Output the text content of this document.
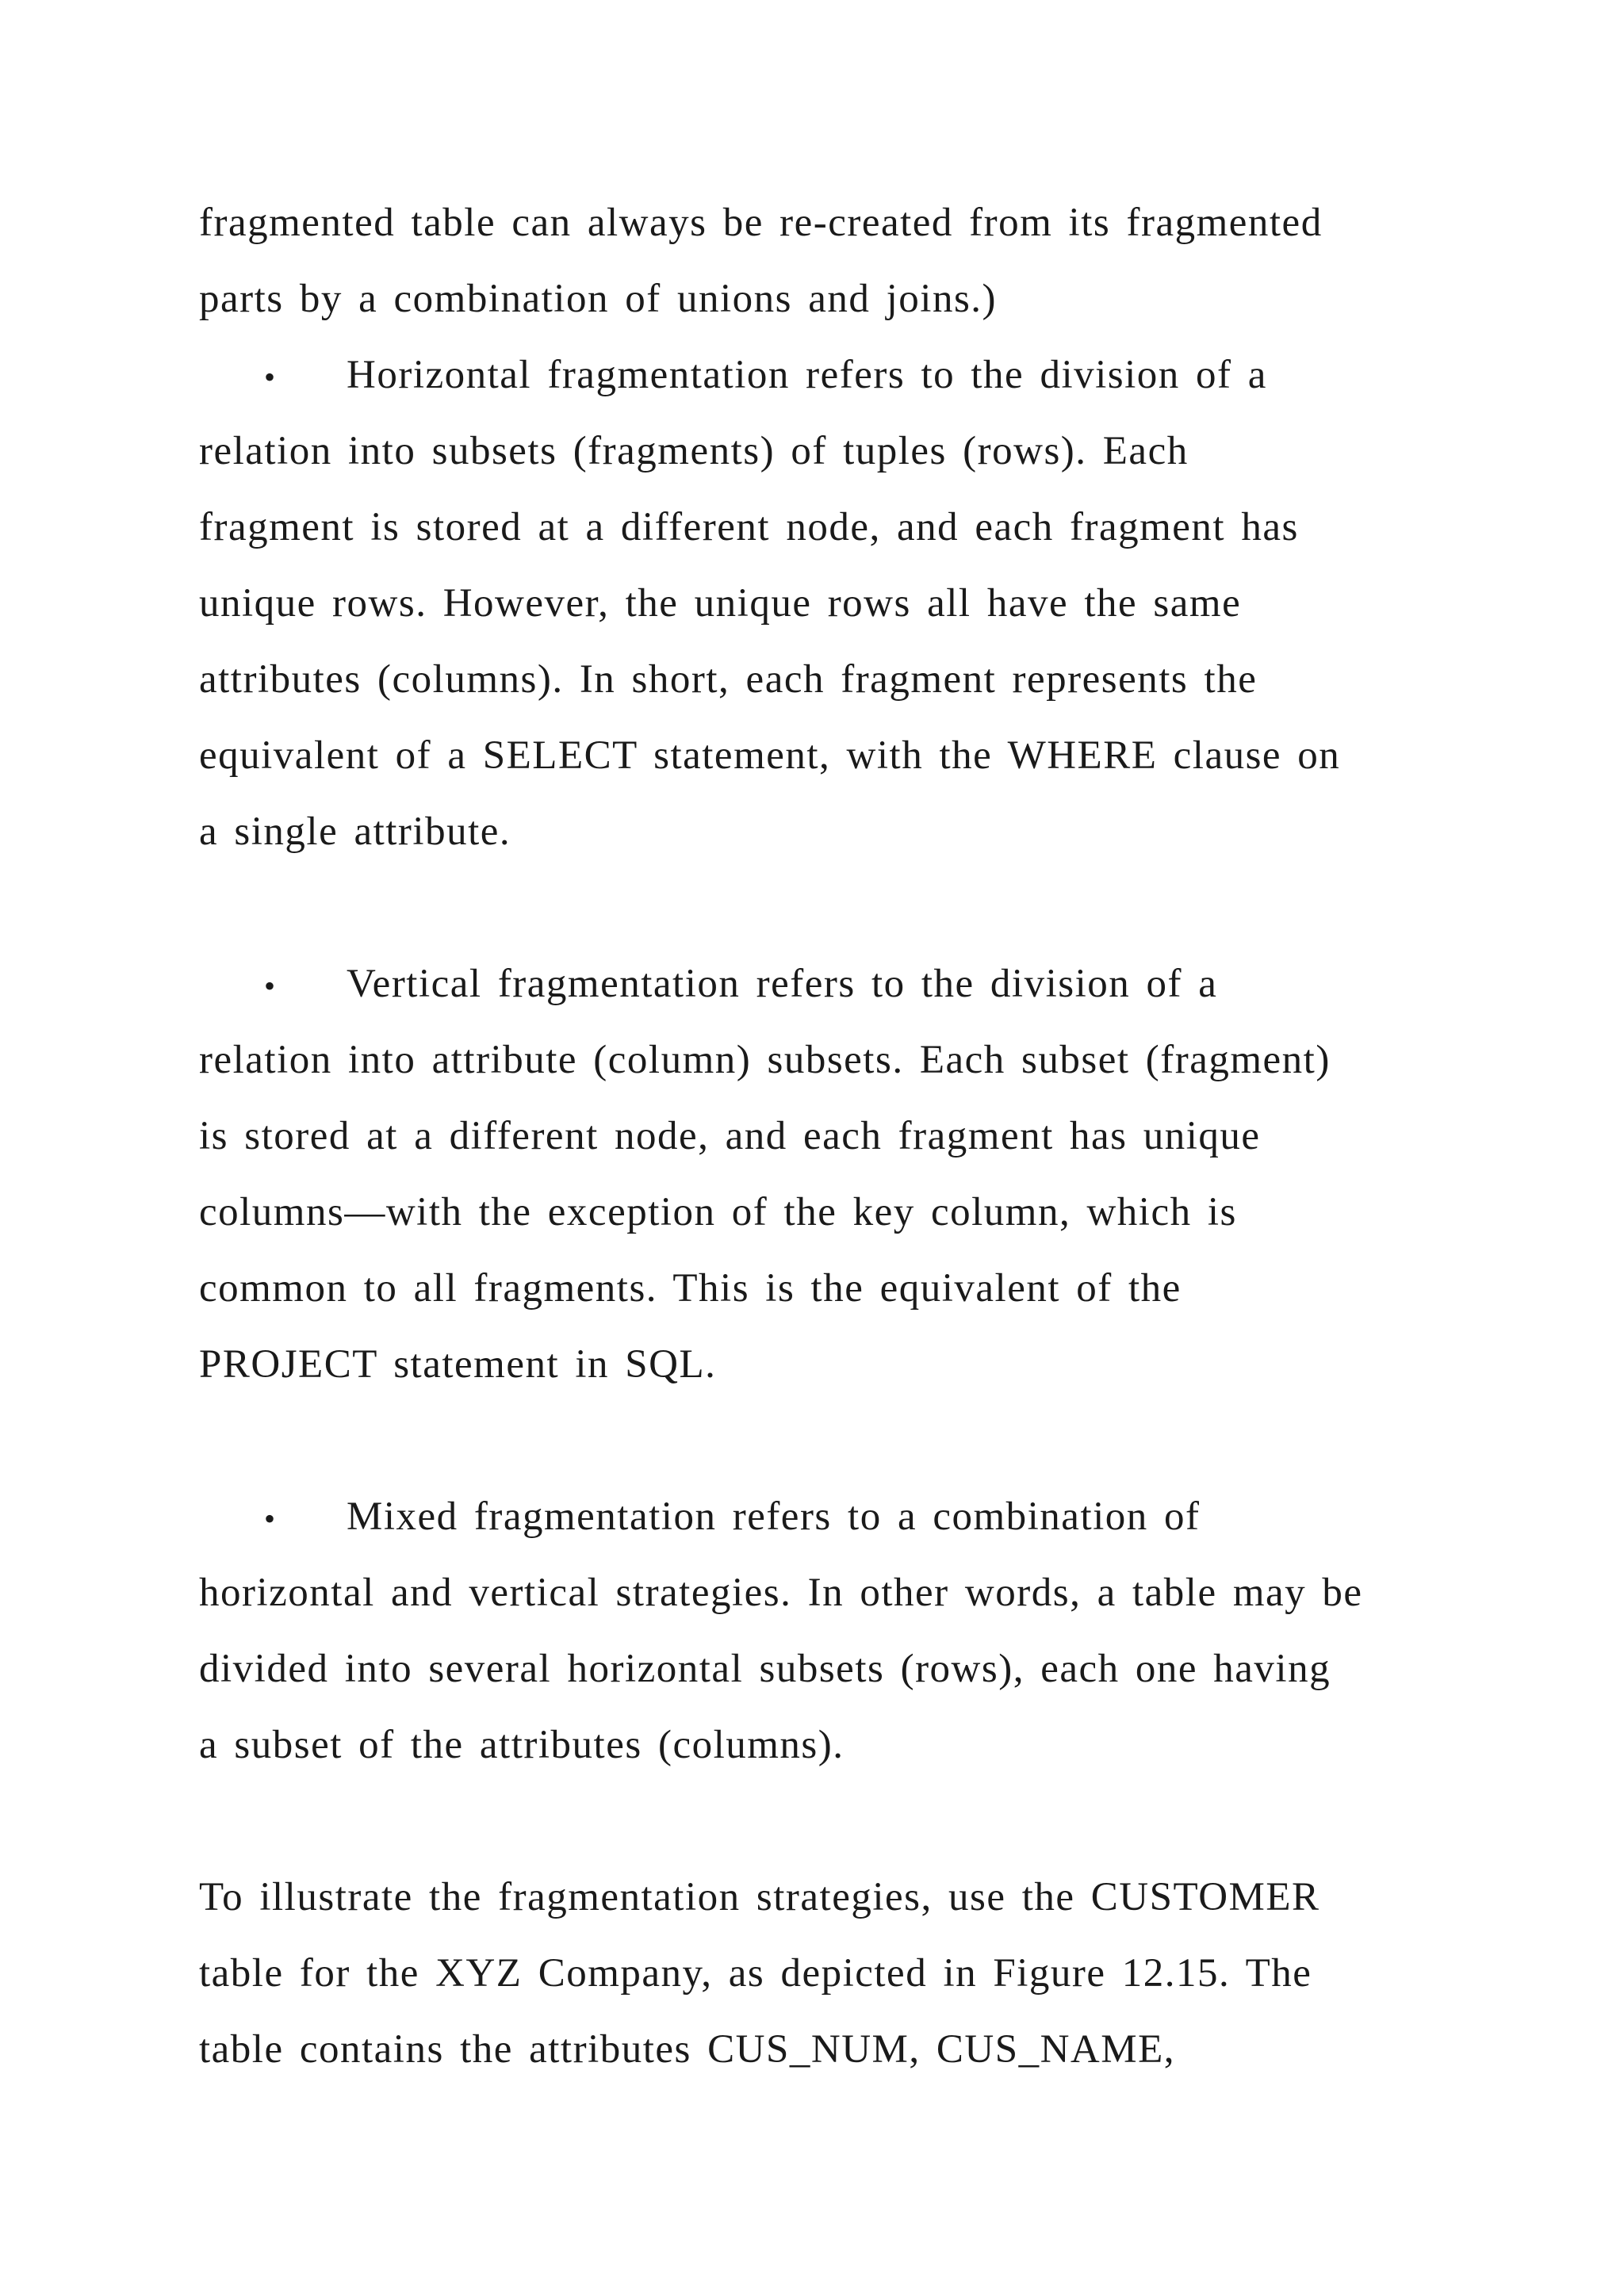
fragmented table can always be re-created from its fragmented
parts by a combination of unions and joins.)
• Horizontal fragmentation refers to the division of a
relation into subsets (fragments) of tuples (rows). Each
fragment is stored at a different node, and each fragment has
unique rows. However, the unique rows all have the same
attributes (columns). In short, each fragment represents the
equivalent of a SELECT statement, with the WHERE clause on
a single attribute.
• Vertical fragmentation refers to the division of a
relation into attribute (column) subsets. Each subset (fragment)
is stored at a different node, and each fragment has unique
columns—with the exception of the key column, which is
common to all fragments. This is the equivalent of the
PROJECT statement in SQL.
• Mixed fragmentation refers to a combination of
horizontal and vertical strategies. In other words, a table may be
divided into several horizontal subsets (rows), each one having
a subset of the attributes (columns).
To illustrate the fragmentation strategies, use the CUSTOMER
table for the XYZ Company, as depicted in Figure 12.15. The
table contains the attributes CUS_NUM, CUS_NAME,
